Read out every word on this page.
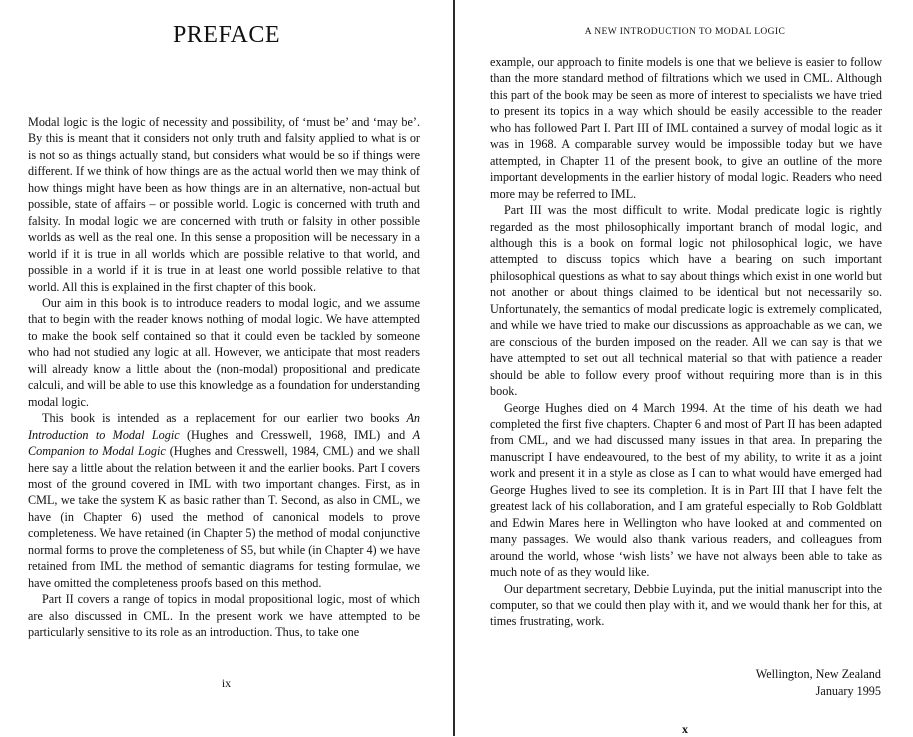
PREFACE

Modal logic is the logic of necessity and possibility, of ‘must be’ and ‘may be’. By this is meant that it considers not only truth and falsity applied to what is or is not so as things actually stand, but considers what would be so if things were different. If we think of how things are as the actual world then we may think of how things might have been as how things are in an alternative, non-actual but possible, state of affairs – or possible world. Logic is concerned with truth and falsity. In modal logic we are concerned with truth or falsity in other possible worlds as well as the real one. In this sense a proposition will be necessary in a world if it is true in all worlds which are possible relative to that world, and possible in a world if it is true in at least one world possible relative to that world. All this is explained in the first chapter of this book.

Our aim in this book is to introduce readers to modal logic, and we assume that to begin with the reader knows nothing of modal logic. We have attempted to make the book self contained so that it could even be tackled by someone who had not studied any logic at all. However, we anticipate that most readers will already know a little about the (non-modal) propositional and predicate calculi, and will be able to use this knowledge as a foundation for understanding modal logic.

This book is intended as a replacement for our earlier two books An Introduction to Modal Logic (Hughes and Cresswell, 1968, IML) and A Companion to Modal Logic (Hughes and Cresswell, 1984, CML) and we shall here say a little about the relation between it and the earlier books. Part I covers most of the ground covered in IML with two important changes. First, as in CML, we take the system K as basic rather than T. Second, as also in CML, we have (in Chapter 6) used the method of canonical models to prove completeness. We have retained (in Chapter 5) the method of modal conjunctive normal forms to prove the completeness of S5, but while (in Chapter 4) we have retained from IML the method of semantic diagrams for testing formulae, we have omitted the completeness proofs based on this method.

Part II covers a range of topics in modal propositional logic, most of which are also discussed in CML. In the present work we have attempted to be particularly sensitive to its role as an introduction. Thus, to take one

ix

A NEW INTRODUCTION TO MODAL LOGIC

example, our approach to finite models is one that we believe is easier to follow than the more standard method of filtrations which we used in CML. Although this part of the book may be seen as more of interest to specialists we have tried to present its topics in a way which should be easily accessible to the reader who has followed Part I. Part III of IML contained a survey of modal logic as it was in 1968. A comparable survey would be impossible today but we have attempted, in Chapter 11 of the present book, to give an outline of the more important developments in the earlier history of modal logic. Readers who need more may be referred to IML.

Part III was the most difficult to write. Modal predicate logic is rightly regarded as the most philosophically important branch of modal logic, and although this is a book on formal logic not philosophical logic, we have attempted to discuss topics which have a bearing on such important philosophical questions as what to say about things which exist in one world but not another or about things claimed to be identical but not necessarily so. Unfortunately, the semantics of modal predicate logic is extremely complicated, and while we have tried to make our discussions as approachable as we can, we are conscious of the burden imposed on the reader. All we can say is that we have attempted to set out all technical material so that with patience a reader should be able to follow every proof without requiring more than is in this book.

George Hughes died on 4 March 1994. At the time of his death we had completed the first five chapters. Chapter 6 and most of Part II has been adapted from CML, and we had discussed many issues in that area. In preparing the manuscript I have endeavoured, to the best of my ability, to write it as a joint work and present it in a style as close as I can to what would have emerged had George Hughes lived to see its completion. It is in Part III that I have felt the greatest lack of his collaboration, and I am grateful especially to Rob Goldblatt and Edwin Mares here in Wellington who have looked at and commented on many passages. We would also thank various readers, and colleagues from around the world, whose ‘wish lists’ we have not always been able to take as much note of as they would like.

Our department secretary, Debbie Luyinda, put the initial manuscript into the computer, so that we could then play with it, and we would thank her for this, at times frustrating, work.

Wellington, New Zealand
January 1995

x
